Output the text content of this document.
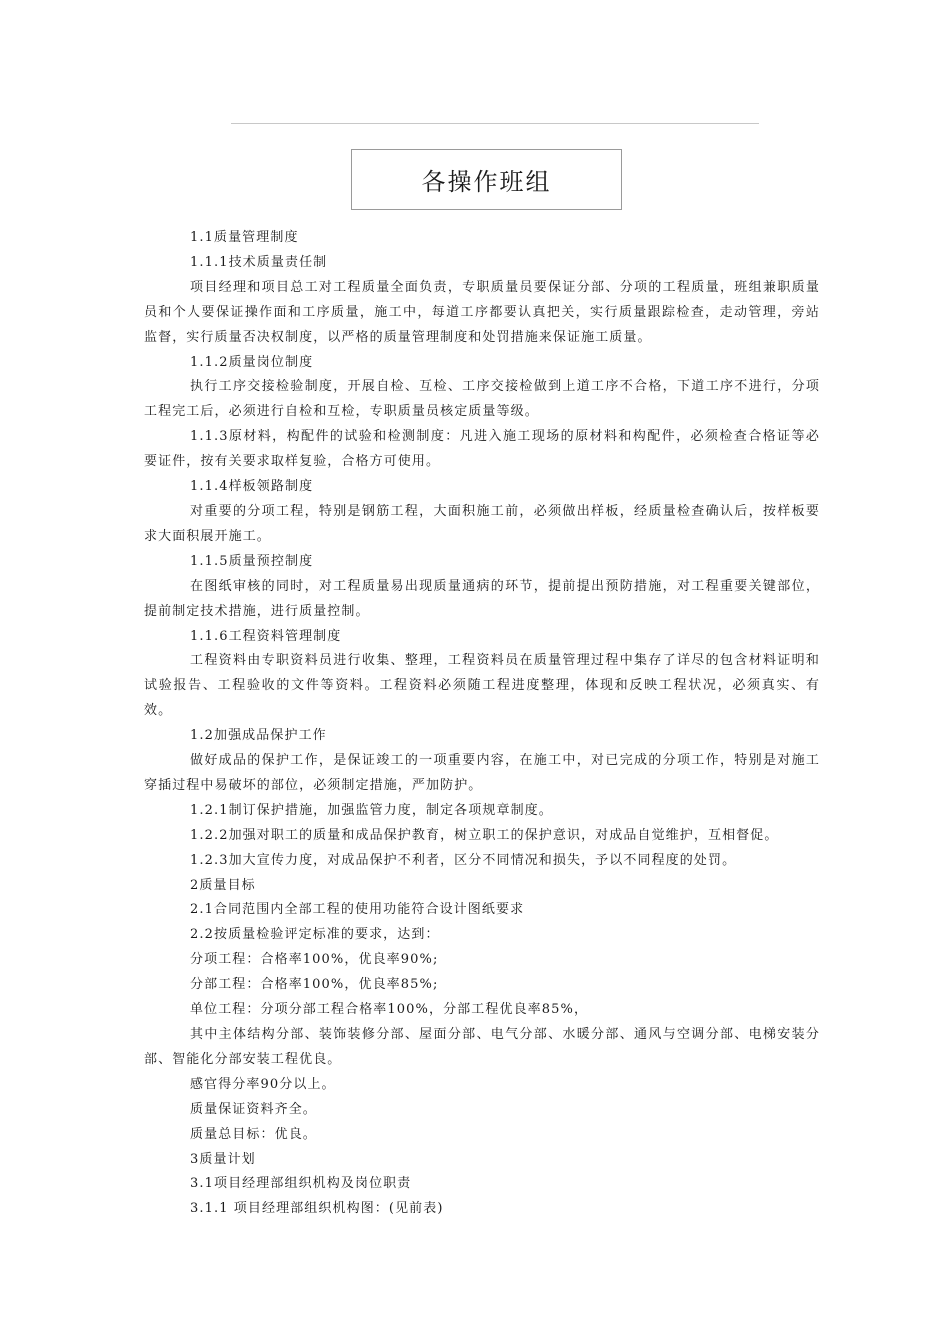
各操作班组

1.1质量管理制度

1.1.1技术质量责任制

项目经理和项目总工对工程质量全面负责，专职质量员要保证分部、分项的工程质量，班组兼职质量员和个人要保证操作面和工序质量，施工中，每道工序都要认真把关，实行质量跟踪检查，走动管理，旁站监督，实行质量否决权制度，以严格的质量管理制度和处罚措施来保证施工质量。

1.1.2质量岗位制度

执行工序交接检验制度，开展自检、互检、工序交接检做到上道工序不合格，下道工序不进行，分项工程完工后，必须进行自检和互检，专职质量员核定质量等级。

1.1.3原材料，构配件的试验和检测制度：凡进入施工现场的原材料和构配件，必须检查合格证等必要证件，按有关要求取样复验，合格方可使用。

1.1.4样板领路制度

对重要的分项工程，特别是钢筋工程，大面积施工前，必须做出样板，经质量检查确认后，按样板要求大面积展开施工。

1.1.5质量预控制度

在图纸审核的同时，对工程质量易出现质量通病的环节，提前提出预防措施，对工程重要关键部位，提前制定技术措施，进行质量控制。

1.1.6工程资料管理制度

工程资料由专职资料员进行收集、整理，工程资料员在质量管理过程中集存了详尽的包含材料证明和试验报告、工程验收的文件等资料。工程资料必须随工程进度整理，体现和反映工程状况，必须真实、有效。

1.2加强成品保护工作

做好成品的保护工作，是保证竣工的一项重要内容，在施工中，对已完成的分项工作，特别是对施工穿插过程中易破坏的部位，必须制定措施，严加防护。

1.2.1制订保护措施，加强监管力度，制定各项规章制度。

1.2.2加强对职工的质量和成品保护教育，树立职工的保护意识，对成品自觉维护，互相督促。

1.2.3加大宣传力度，对成品保护不利者，区分不同情况和损失，予以不同程度的处罚。

2质量目标

2.1合同范围内全部工程的使用功能符合设计图纸要求

2.2按质量检验评定标准的要求，达到：

分项工程：合格率100%，优良率90%;

分部工程：合格率100%，优良率85%;

单位工程：分项分部工程合格率100%，分部工程优良率85%，

其中主体结构分部、装饰装修分部、屋面分部、电气分部、水暖分部、通风与空调分部、电梯安装分部、智能化分部安装工程优良。

感官得分率90分以上。

质量保证资料齐全。

质量总目标：优良。

3质量计划

3.1项目经理部组织机构及岗位职责

3.1.1 项目经理部组织机构图：(见前表)
